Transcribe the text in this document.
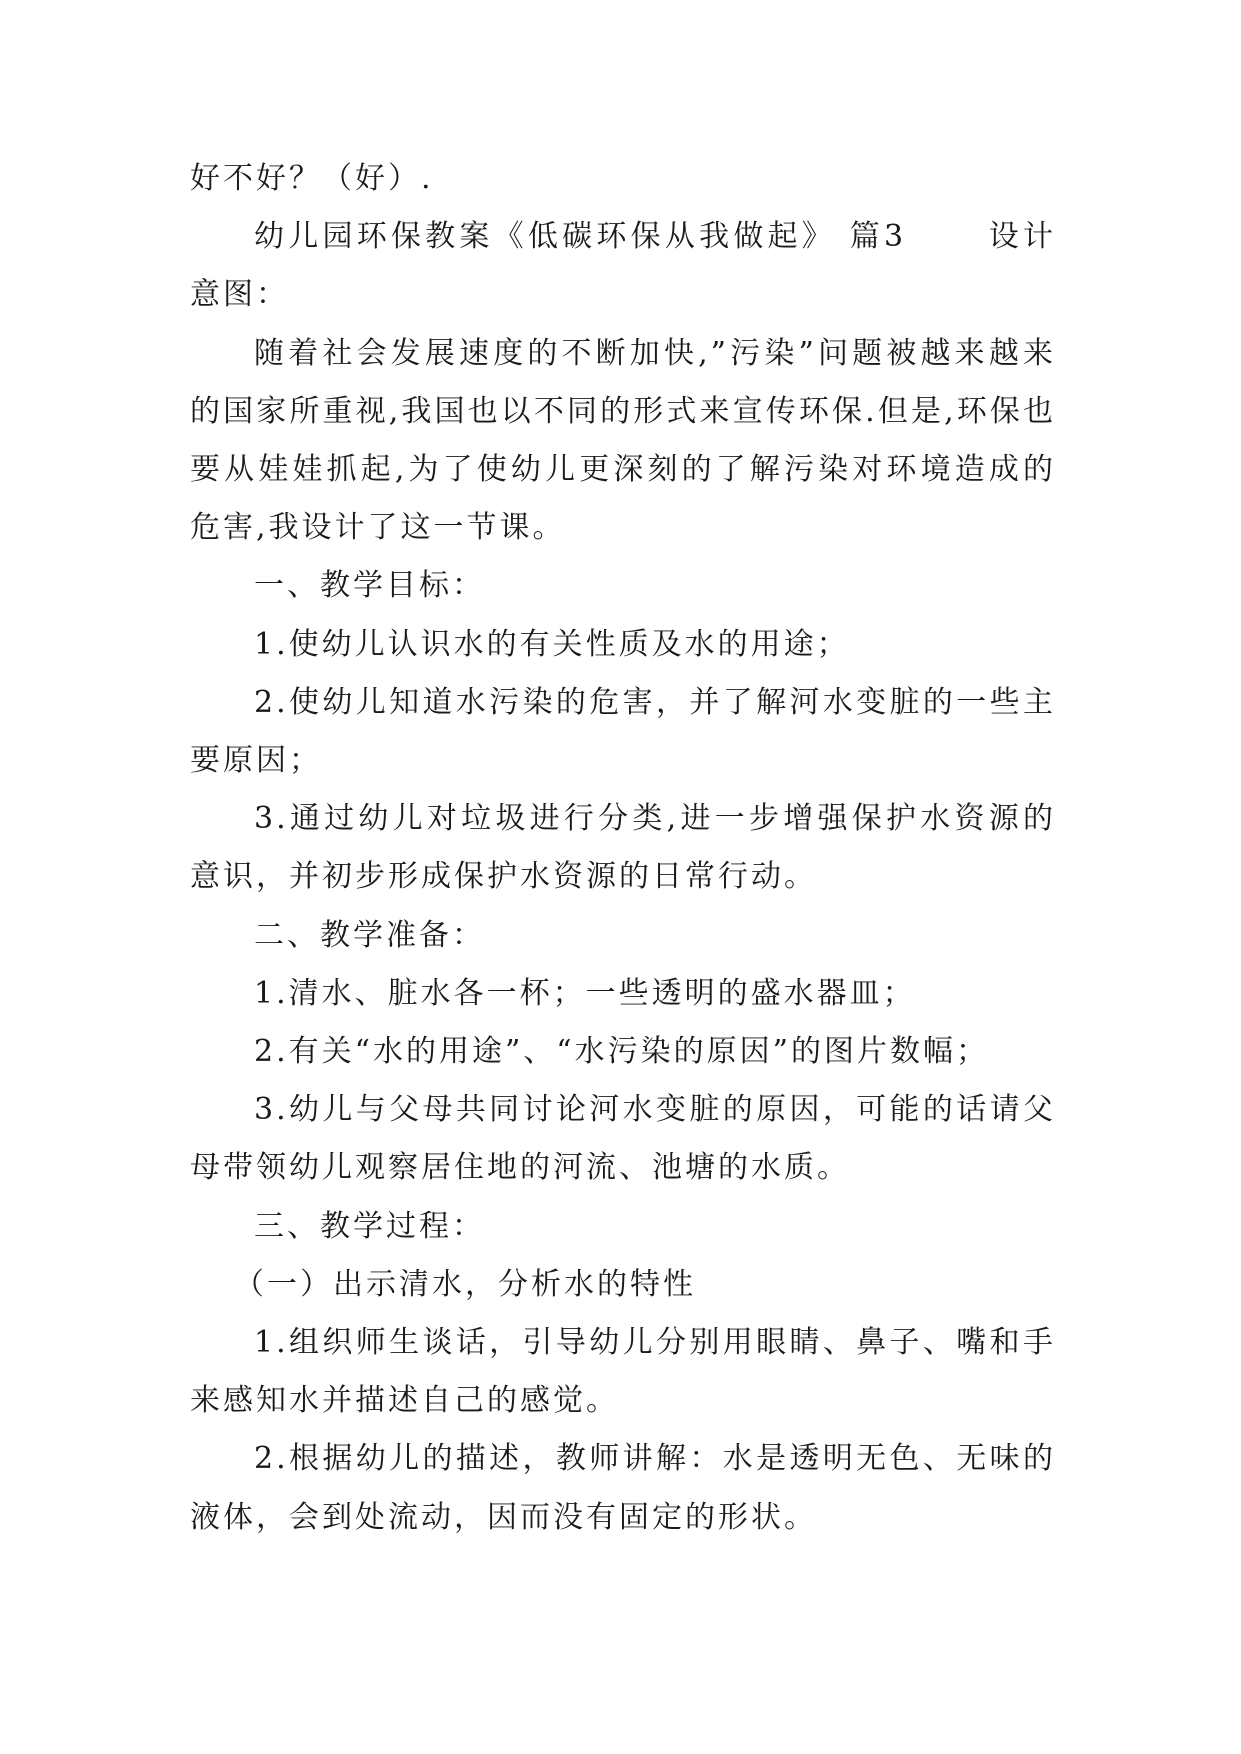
好不好？（好）.

幼儿园环保教案《低碳环保从我做起》 篇3      设计意图：

随着社会发展速度的不断加快,”污染”问题被越来越来的国家所重视,我国也以不同的形式来宣传环保.但是,环保也要从娃娃抓起,为了使幼儿更深刻的了解污染对环境造成的危害,我设计了这一节课。

一、教学目标：

1.使幼儿认识水的有关性质及水的用途；

2.使幼儿知道水污染的危害，并了解河水变脏的一些主要原因；

3.通过幼儿对垃圾进行分类,进一步增强保护水资源的意识，并初步形成保护水资源的日常行动。

二、教学准备：

1.清水、脏水各一杯；一些透明的盛水器皿；

2.有关“水的用途”、“水污染的原因”的图片数幅；

3.幼儿与父母共同讨论河水变脏的原因，可能的话请父母带领幼儿观察居住地的河流、池塘的水质。

三、教学过程：

（一）出示清水，分析水的特性

1.组织师生谈话，引导幼儿分别用眼睛、鼻子、嘴和手来感知水并描述自己的感觉。

2.根据幼儿的描述，教师讲解：水是透明无色、无味的液体，会到处流动，因而没有固定的形状。
